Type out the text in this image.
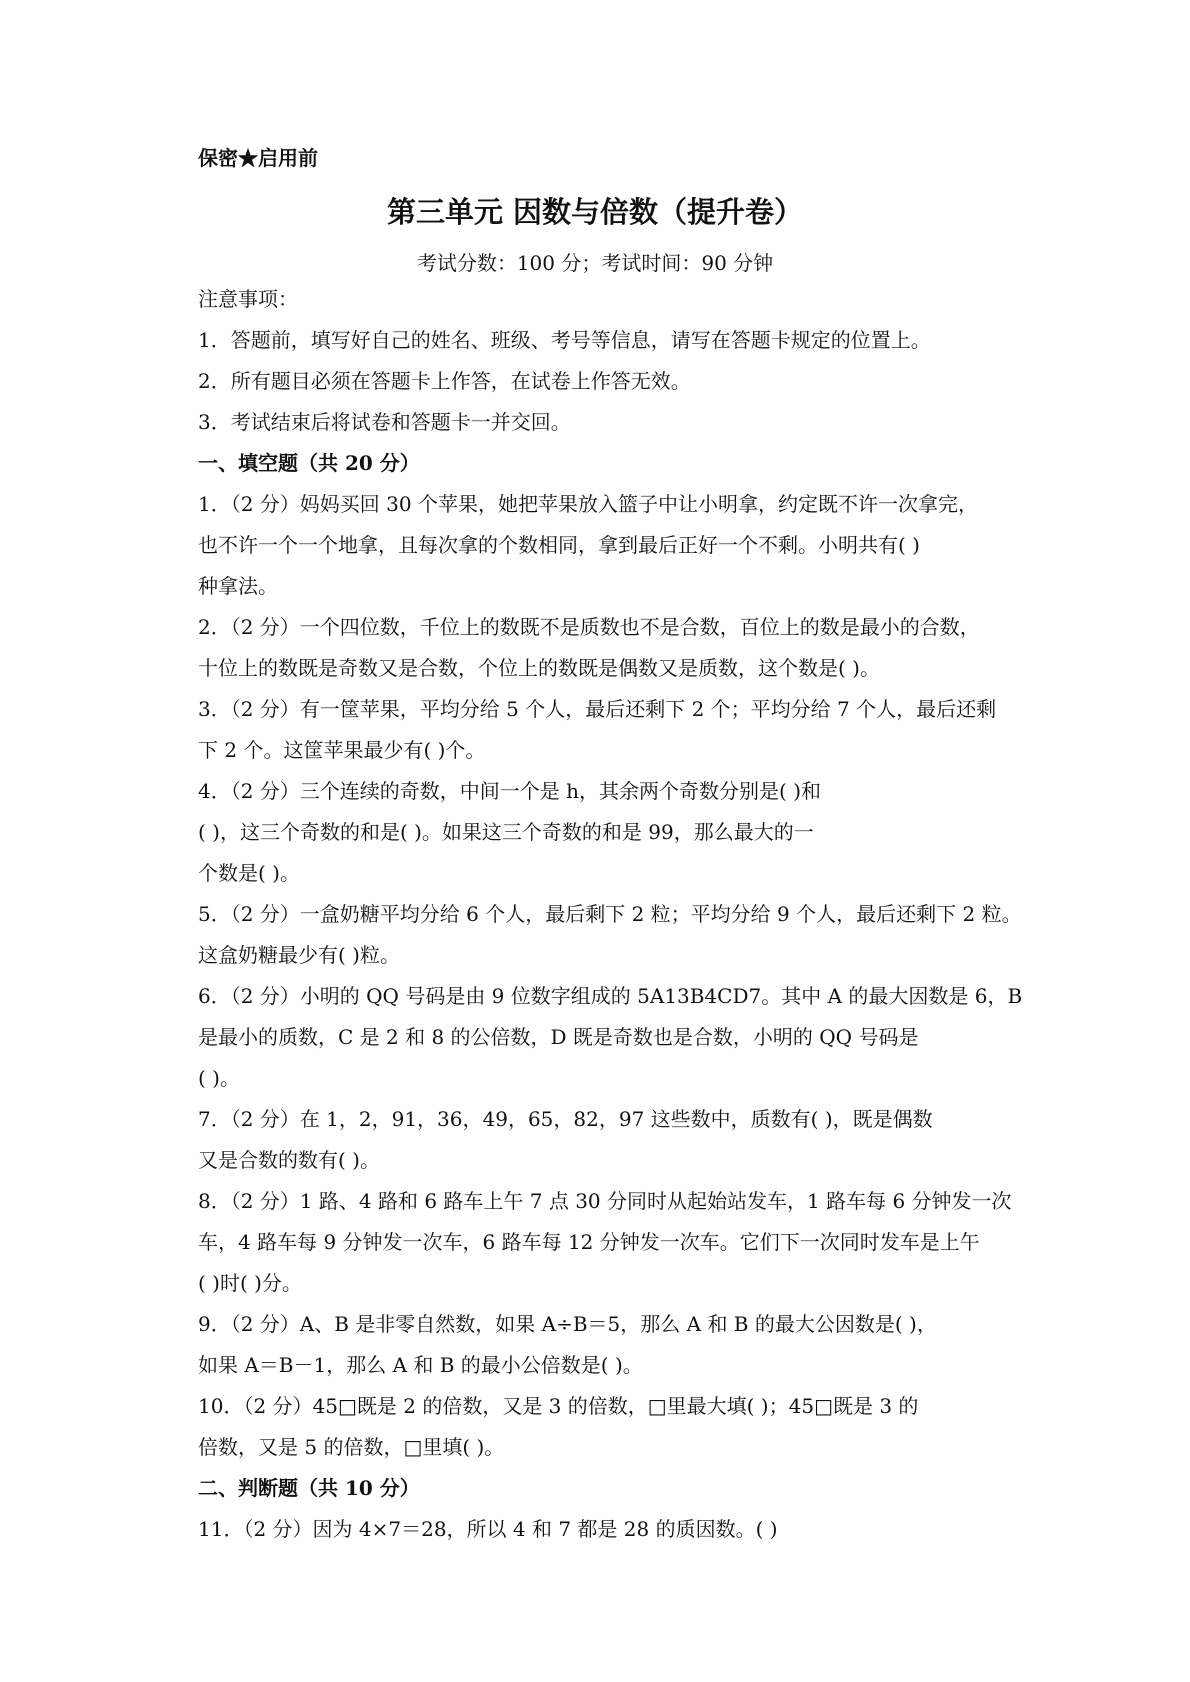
保密★启用前
第三单元 因数与倍数（提升卷）
考试分数：100 分；考试时间：90 分钟
注意事项：
1．答题前，填写好自己的姓名、班级、考号等信息，请写在答题卡规定的位置上。
2．所有题目必须在答题卡上作答，在试卷上作答无效。
3．考试结束后将试卷和答题卡一并交回。
一、填空题（共 20 分）
1．（2 分）妈妈买回 30 个苹果，她把苹果放入篮子中让小明拿，约定既不许一次拿完，
也不许一个一个地拿，且每次拿的个数相同，拿到最后正好一个不剩。小明共有( )
种拿法。
2．（2 分）一个四位数，千位上的数既不是质数也不是合数，百位上的数是最小的合数，
十位上的数既是奇数又是合数，个位上的数既是偶数又是质数，这个数是( )。
3．（2 分）有一筐苹果，平均分给 5 个人，最后还剩下 2 个；平均分给 7 个人，最后还剩
下 2 个。这筐苹果最少有( )个。
4．（2 分）三个连续的奇数，中间一个是 h，其余两个奇数分别是( )和
( )，这三个奇数的和是( )。如果这三个奇数的和是 99，那么最大的一
个数是( )。
5．（2 分）一盒奶糖平均分给 6 个人，最后剩下 2 粒；平均分给 9 个人，最后还剩下 2 粒。
这盒奶糖最少有( )粒。
6．（2 分）小明的 QQ 号码是由 9 位数字组成的 5A13B4CD7。其中 A 的最大因数是 6，B
是最小的质数，C 是 2 和 8 的公倍数，D 既是奇数也是合数，小明的 QQ 号码是
( )。
7．（2 分）在 1，2，91，36，49，65，82，97 这些数中，质数有( )，既是偶数
又是合数的数有( )。
8．（2 分）1 路、4 路和 6 路车上午 7 点 30 分同时从起始站发车，1 路车每 6 分钟发一次
车，4 路车每 9 分钟发一次车，6 路车每 12 分钟发一次车。它们下一次同时发车是上午
( )时( )分。
9．（2 分）A、B 是非零自然数，如果 A÷B＝5，那么 A 和 B 的最大公因数是( )，
如果 A＝B－1，那么 A 和 B 的最小公倍数是( )。
10．（2 分）45□既是 2 的倍数，又是 3 的倍数，□里最大填( )；45□既是 3 的
倍数，又是 5 的倍数，□里填( )。
二、判断题（共 10 分）
11．（2 分）因为 4×7＝28，所以 4 和 7 都是 28 的质因数。( )
